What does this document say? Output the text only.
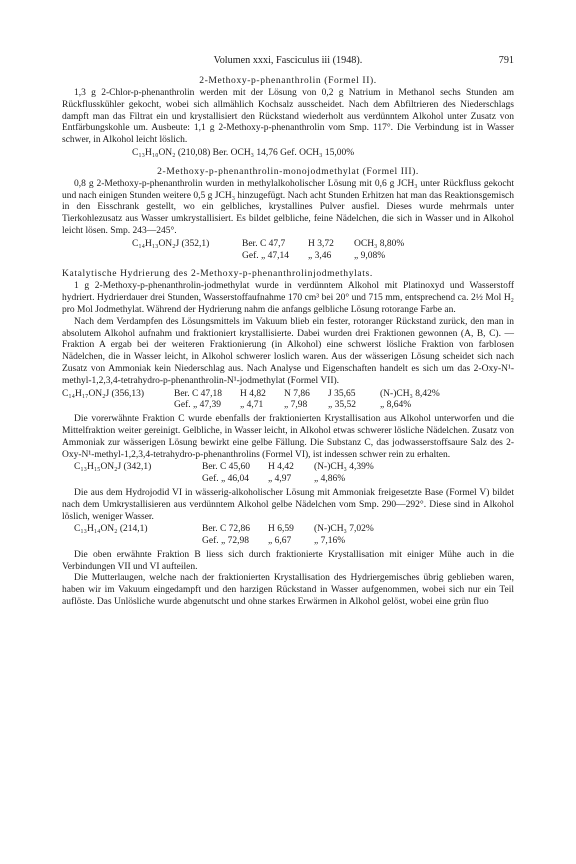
Volumen xxxi, Fasciculus iii (1948).	791
2-Methoxy-p-phenanthrolin (Formel II).

1,3 g 2-Chlor-p-phenanthrolin werden mit der Lösung von 0,2 g Natrium in Methanol sechs Stunden am Rückflusskühler gekocht, wobei sich allmählich Kochsalz ausscheidet. Nach dem Abfiltrieren des Niederschlags dampft man das Filtrat ein und krystallisiert den Rückstand wiederholt aus verdünntem Alkohol unter Zusatz von Entfärbungskohle um. Ausbeute: 1,1 g 2-Methoxy-p-phenanthrolin vom Smp. 117°. Die Verbindung ist in Wasser schwer, in Alkohol leicht löslich.

C₁₃H₁₀ON₂ (210,08) Ber. OCH₃ 14,76 Gef. OCH₃ 15,00%
2-Methoxy-p-phenanthrolin-monojodmethylat (Formel III).

0,8 g 2-Methoxy-p-phenanthrolin wurden in methylalkoholischer Lösung mit 0,6 g JCH₃ unter Rückfluss gekocht und nach einigen Stunden weitere 0,5 g JCH₃ hinzugefügt. Nach acht Stunden Erhitzen hat man das Reaktionsgemisch in den Eisschrank gestellt, wo ein gelbliches, krystallines Pulver ausfiel. Dieses wurde mehrmals unter Tierkohlezusatz aus Wasser umkrystallisiert. Es bildet gelbliche, feine Nädelchen, die sich in Wasser und in Alkohol leicht lösen. Smp. 243—245°.

C₁₄H₁₃ON₂J (352,1)	Ber. C 47,7	H 3,72	OCH₃ 8,80%
Gef. „ 47,14	„ 3,46	„ 9,08%
Katalytische Hydrierung des 2-Methoxy-p-phenanthrolinjodmethylats.

1 g 2-Methoxy-p-phenanthrolin-jodmethylat wurde in verdünntem Alkohol mit Platinoxyd und Wasserstoff hydriert. Hydrierdauer drei Stunden, Wasserstoffaufnahme 170 cm³ bei 20° und 715 mm, entsprechend ca. 2½ Mol H₂ pro Mol Jodmethylat. Während der Hydrierung nahm die anfangs gelbliche Lösung rotorange Farbe an.

Nach dem Verdampfen des Lösungsmittels im Vakuum blieb ein fester, rotoranger Rückstand zurück, den man in absolutem Alkohol aufnahm und fraktioniert krystallisierte. Dabei wurden drei Fraktionen gewonnen (A, B, C). — Fraktion A ergab bei der weiteren Fraktionierung (in Alkohol) eine schwerst lösliche Fraktion von farblosen Nädelchen, die in Wasser leicht, in Alkohol schwerer loslich waren. Aus der wässerigen Lösung scheidet sich nach Zusatz von Ammoniak kein Niederschlag aus. Nach Analyse und Eigenschaften handelt es sich um das 2-Oxy-N¹-methyl-1,2,3,4-tetrahydro-p-phenanthrolin-N¹-jodmethylat (Formel VII).

C₁₄H₁₇ON₂J (356,13)	Ber. C 47,18	H 4,82	N 7,86	J 35,65	(N-)CH₃ 8,42%
Gef. „ 47,39	„ 4,71	„ 7,98	„ 35,52	„ 8,64%

Die vorerwähnte Fraktion C wurde ebenfalls der fraktionierten Krystallisation aus Alkohol unterworfen und die Mittelfraktion weiter gereinigt. Gelbliche, in Wasser leicht, in Alkohol etwas schwerer lösliche Nädelchen. Zusatz von Ammoniak zur wässerigen Lösung bewirkt eine gelbe Fällung. Die Substanz C, das jodwasserstoffsaure Salz des 2-Oxy-N¹-methyl-1,2,3,4-tetrahydro-p-phenanthrolins (Formel VI), ist indessen schwer rein zu erhalten.

C₁₃H₁₅ON₂J (342,1)	Ber. C 45,60	H 4,42	(N-)CH₃ 4,39%
Gef. „ 46,04	„ 4,97	„ 4,86%

Die aus dem Hydrojodid VI in wässerig-alkoholischer Lösung mit Ammoniak freigesetzte Base (Formel V) bildet nach dem Umkrystallisieren aus verdünntem Alkohol gelbe Nädelchen vom Smp. 290—292°. Diese sind in Alkohol löslich, weniger Wasser.

C₁₃H₁₄ON₂ (214,1)	Ber. C 72,86	H 6,59	(N-)CH₃ 7,02%
Gef. „ 72,98	„ 6,67	„ 7,16%

Die oben erwähnte Fraktion B liess sich durch fraktionierte Krystallisation mit einiger Mühe auch in die Verbindungen VII und VI aufteilen.

Die Mutterlaugen, welche nach der fraktionierten Krystallisation des Hydriergemisches übrig geblieben waren, haben wir im Vakuum eingedampft und den harzigen Rückstand in Wasser aufgenommen, wobei sich nur ein Teil auflöste. Das Unlösliche wurde abgenutscht und ohne starkes Erwärmen in Alkohol gelöst, wobei eine grün fluo
